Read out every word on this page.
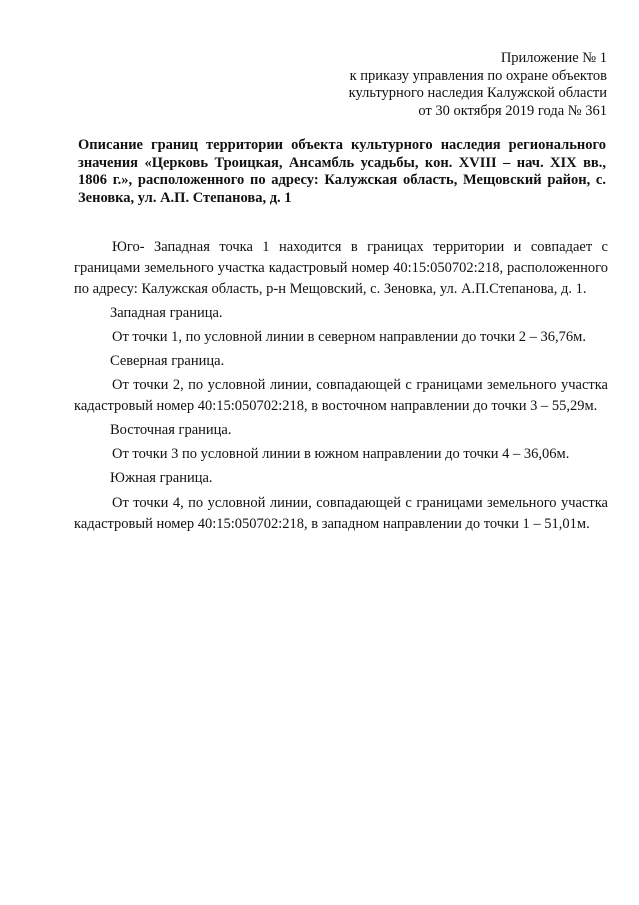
Приложение № 1
к приказу управления по охране объектов
культурного наследия Калужской области
от 30 октября 2019 года № 361
Описание границ территории объекта культурного наследия регионального значения «Церковь Троицкая, Ансамбль усадьбы, кон. XVIII – нач. XIX вв., 1806 г.», расположенного по адресу: Калужская область, Мещовский район, с. Зеновка, ул. А.П. Степанова, д. 1

Юго- Западная точка 1 находится в границах территории и совпадает с границами земельного участка кадастровый номер 40:15:050702:218, расположенного по адресу: Калужская область, р-н Мещовский, с. Зеновка, ул. А.П.Степанова, д. 1.

Западная граница.

От точки 1, по условной линии в северном направлении до точки 2 – 36,76м.

Северная граница.

От точки 2, по условной линии, совпадающей с границами земельного участка кадастровый номер 40:15:050702:218, в восточном направлении до точки 3 – 55,29м.

Восточная граница.

От точки 3 по условной линии в южном направлении до точки 4 – 36,06м.

Южная граница.

От точки 4, по условной линии, совпадающей с границами земельного участка кадастровый номер 40:15:050702:218, в западном направлении до точки 1 – 51,01м.
